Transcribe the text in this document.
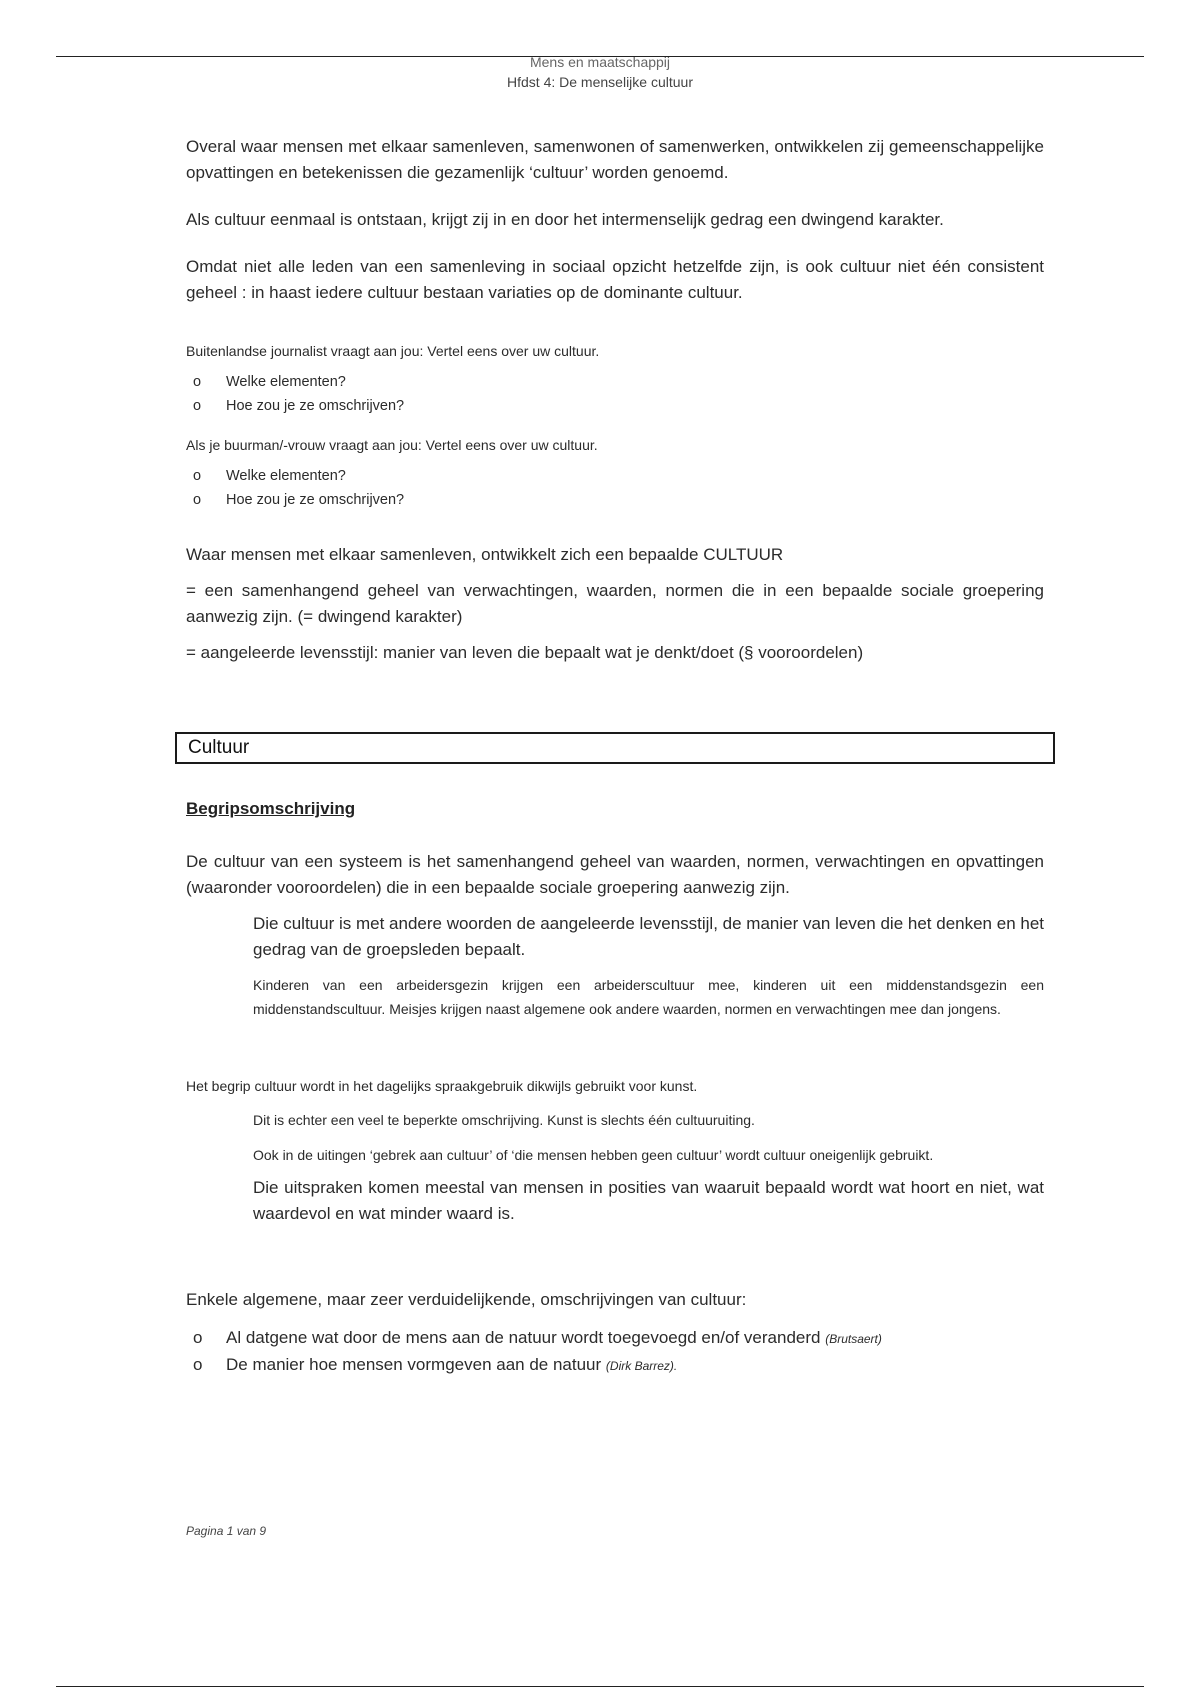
Mens en maatschappij
Hfdst 4: De menselijke cultuur

Overal waar mensen met elkaar samenleven, samenwonen of samenwerken, ontwikkelen zij gemeenschappelijke opvattingen en betekenissen die gezamenlijk ‘cultuur’ worden genoemd.

Als cultuur eenmaal is ontstaan, krijgt zij in en door het intermenselijk gedrag een dwingend karakter.

Omdat niet alle leden van een samenleving in sociaal opzicht hetzelfde zijn, is ook cultuur niet één consistent geheel : in haast iedere cultuur bestaan variaties op de dominante cultuur.

Buitenlandse journalist vraagt aan jou: Vertel eens over uw cultuur.

o Welke elementen?
o Hoe zou je ze omschrijven?

Als je buurman/-vrouw vraagt aan jou: Vertel eens over uw cultuur.

o Welke elementen?
o Hoe zou je ze omschrijven?

Waar mensen met elkaar samenleven, ontwikkelt zich een bepaalde CULTUUR

= een samenhangend geheel van verwachtingen, waarden, normen die in een bepaalde sociale groepering aanwezig zijn. (= dwingend karakter)

= aangeleerde levensstijl: manier van leven die bepaalt wat je denkt/doet (§ vooroordelen)

Cultuur
Begripsomschrijving

De cultuur van een systeem is het samenhangend geheel van waarden, normen, verwachtingen en opvattingen (waaronder vooroordelen) die in een bepaalde sociale groepering aanwezig zijn.

Die cultuur is met andere woorden de aangeleerde levensstijl, de manier van leven die het denken en het gedrag van de groepsleden bepaalt.

Kinderen van een arbeidersgezin krijgen een arbeiderscultuur mee, kinderen uit een middenstandsgezin een middenstandscultuur. Meisjes krijgen naast algemene ook andere waarden, normen en verwachtingen mee dan jongens.

Het begrip cultuur wordt in het dagelijks spraakgebruik dikwijls gebruikt voor kunst.

Dit is echter een veel te beperkte omschrijving. Kunst is slechts één cultuuruiting.

Ook in de uitingen ‘gebrek aan cultuur’ of ‘die mensen hebben geen cultuur’ wordt cultuur oneigenlijk gebruikt.

Die uitspraken komen meestal van mensen in posities van waaruit bepaald wordt wat hoort en niet, wat waardevol en wat minder waard is.

Enkele algemene, maar zeer verduidelijkende, omschrijvingen van cultuur:

o Al datgene wat door de mens aan de natuur wordt toegevoegd en/of veranderd (Brutsaert)
o De manier hoe mensen vormgeven aan de natuur (Dirk Barrez).
Pagina 1 van 9
